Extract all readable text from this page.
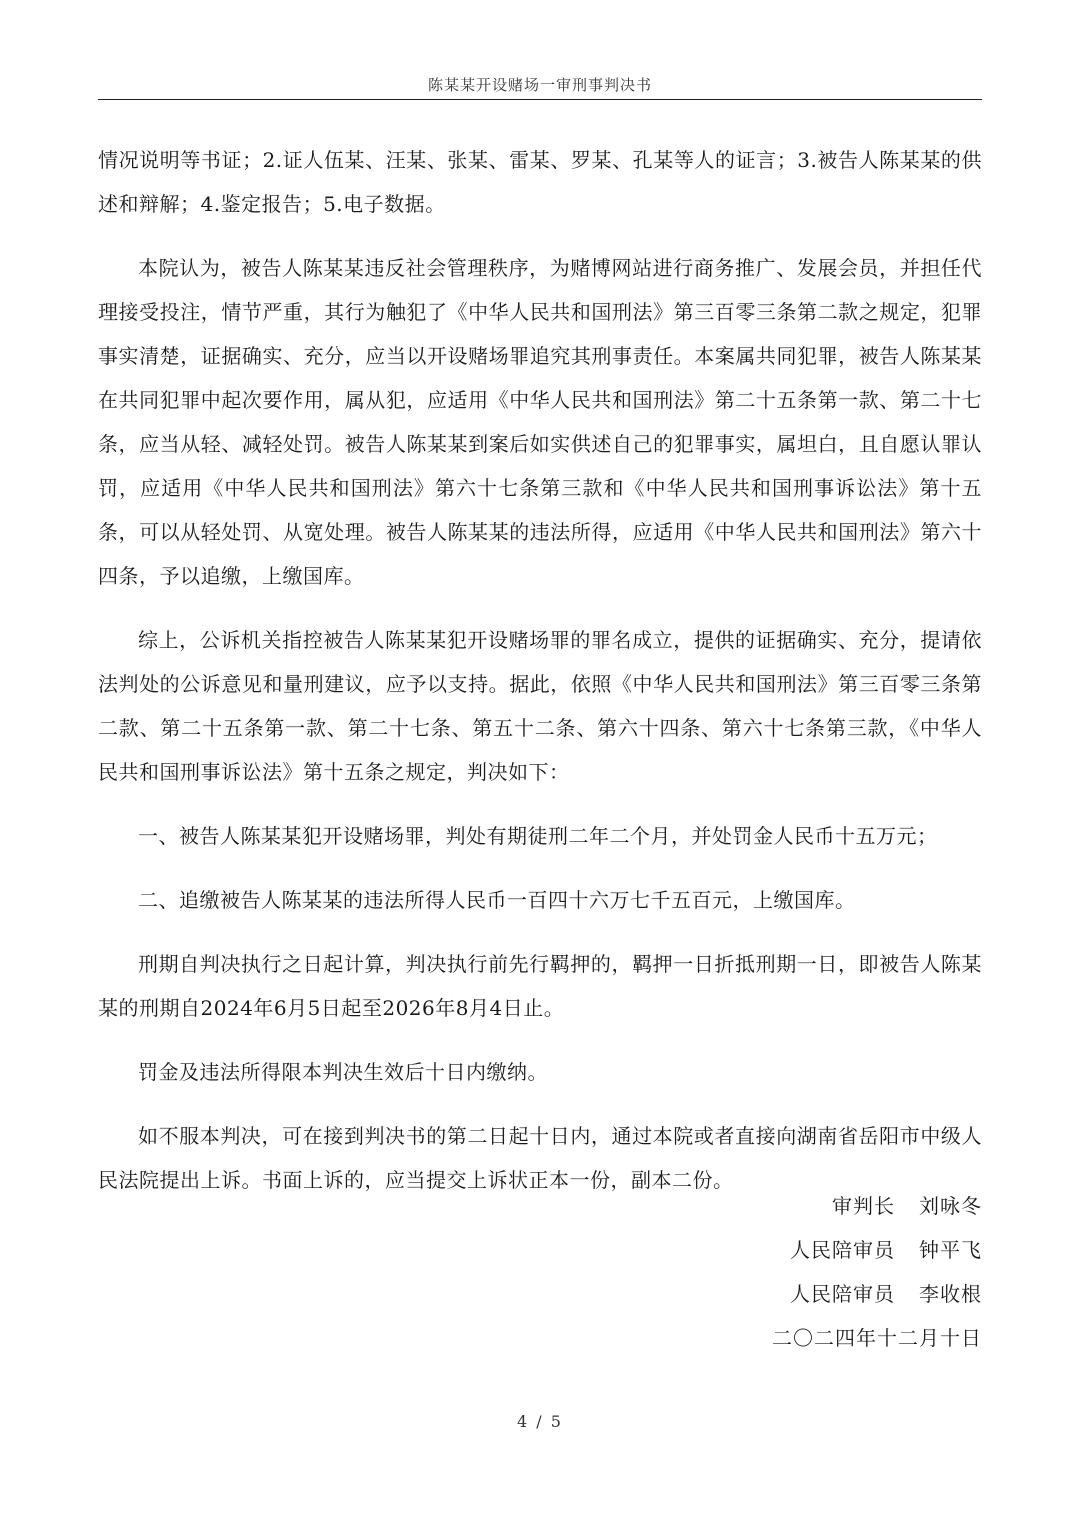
陈某某开设赌场一审刑事判决书

情况说明等书证；2.证人伍某、汪某、张某、雷某、罗某、孔某等人的证言；3.被告人陈某某的供述和辩解；4.鉴定报告；5.电子数据。

本院认为，被告人陈某某违反社会管理秩序，为赌博网站进行商务推广、发展会员，并担任代理接受投注，情节严重，其行为触犯了《中华人民共和国刑法》第三百零三条第二款之规定，犯罪事实清楚，证据确实、充分，应当以开设赌场罪追究其刑事责任。本案属共同犯罪，被告人陈某某在共同犯罪中起次要作用，属从犯，应适用《中华人民共和国刑法》第二十五条第一款、第二十七条，应当从轻、减轻处罚。被告人陈某某到案后如实供述自己的犯罪事实，属坦白，且自愿认罪认罚，应适用《中华人民共和国刑法》第六十七条第三款和《中华人民共和国刑事诉讼法》第十五条，可以从轻处罚、从宽处理。被告人陈某某的违法所得，应适用《中华人民共和国刑法》第六十四条，予以追缴，上缴国库。

综上，公诉机关指控被告人陈某某犯开设赌场罪的罪名成立，提供的证据确实、充分，提请依法判处的公诉意见和量刑建议，应予以支持。据此，依照《中华人民共和国刑法》第三百零三条第二款、第二十五条第一款、第二十七条、第五十二条、第六十四条、第六十七条第三款，《中华人民共和国刑事诉讼法》第十五条之规定，判决如下：

一、被告人陈某某犯开设赌场罪，判处有期徒刑二年二个月，并处罚金人民币十五万元；

二、追缴被告人陈某某的违法所得人民币一百四十六万七千五百元，上缴国库。

刑期自判决执行之日起计算，判决执行前先行羁押的，羁押一日折抵刑期一日，即被告人陈某某的刑期自2024年6月5日起至2026年8月4日止。

罚金及违法所得限本判决生效后十日内缴纳。

如不服本判决，可在接到判决书的第二日起十日内，通过本院或者直接向湖南省岳阳市中级人民法院提出上诉。书面上诉的，应当提交上诉状正本一份，副本二份。

审判长 刘咏冬
人民陪审员 钟平飞
人民陪审员 李收根
二〇二四年十二月十日
4 / 5
